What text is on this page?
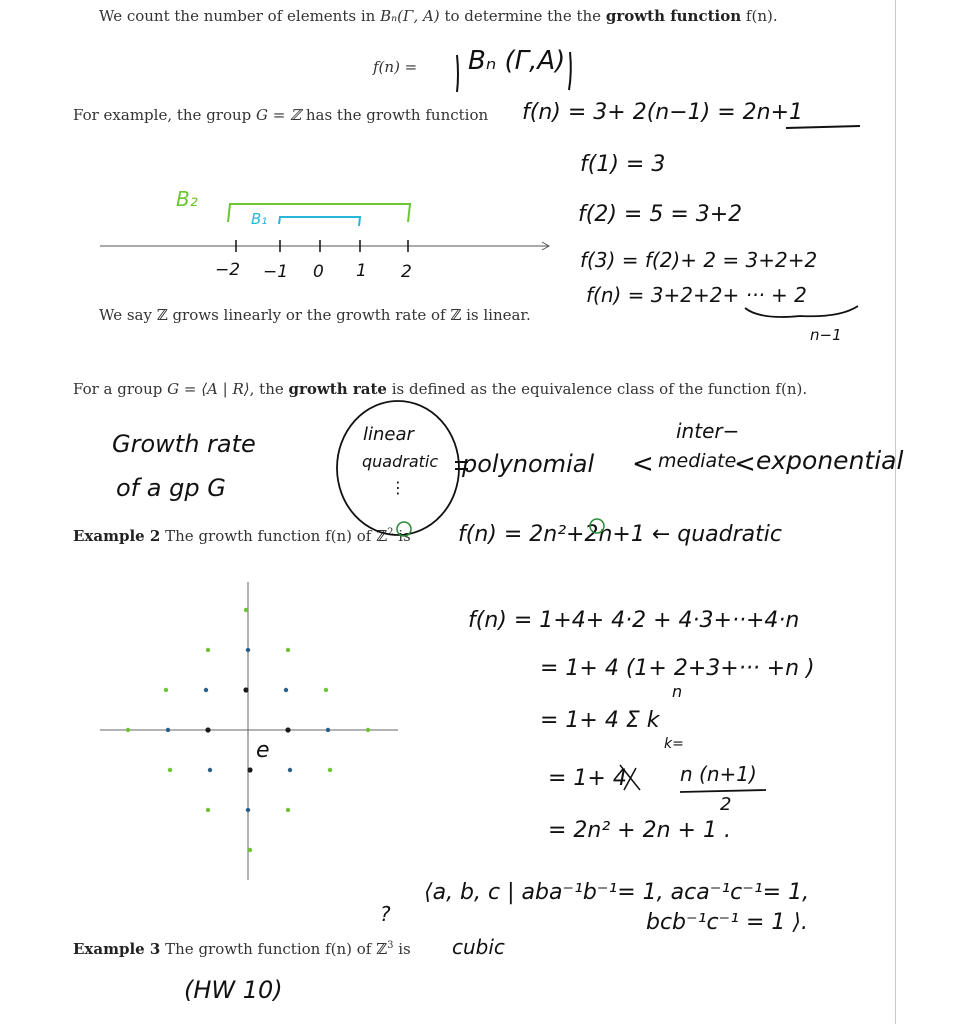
We count the number of elements in Bₙ(Γ, A) to determine the the growth function f(n).
f(n) = Bₙ (Γ,A)
For example, the group G = ℤ has the growth function f(n) = 3+ 2(n−1) = 2n+1
f(1) = 3
f(2) = 5 = 3+2
f(3) = f(2)+ 2 = 3+2+2
f(n) = 3+2+2+ ··· + 2
n−1
B₂
B₁
−2 −1 0 1 2
We say ℤ grows linearly or the growth rate of ℤ is linear.
For a group G = ⟨A | R⟩, the growth rate is defined as the equivalence class of the function f(n).
Growth rate
of a gp G
linear
quadratic
⋮
inter−
polynomial < mediate
< exponential
Example 2 The growth function f(n) of ℤ$^2$ is f(n) = 2n²+2n+1 ← quadratic
f(n) = 1+4+ 4·2 + 4·3+··+4·n
= 1+ 4 (1+ 2+3+··· +n )
n
= 1+ 4 Σ k
k=
= 1+ 4	n (n+1)
2
= 2n² + 2n + 1 .
e
⟨a, b, c | aba⁻¹b⁻¹= 1, aca⁻¹c⁻¹= 1,
bcb⁻¹c⁻¹ = 1 ⟩.
?
Example 3 The growth function f(n) of ℤ$^3$ is cubic
(HW 10)
